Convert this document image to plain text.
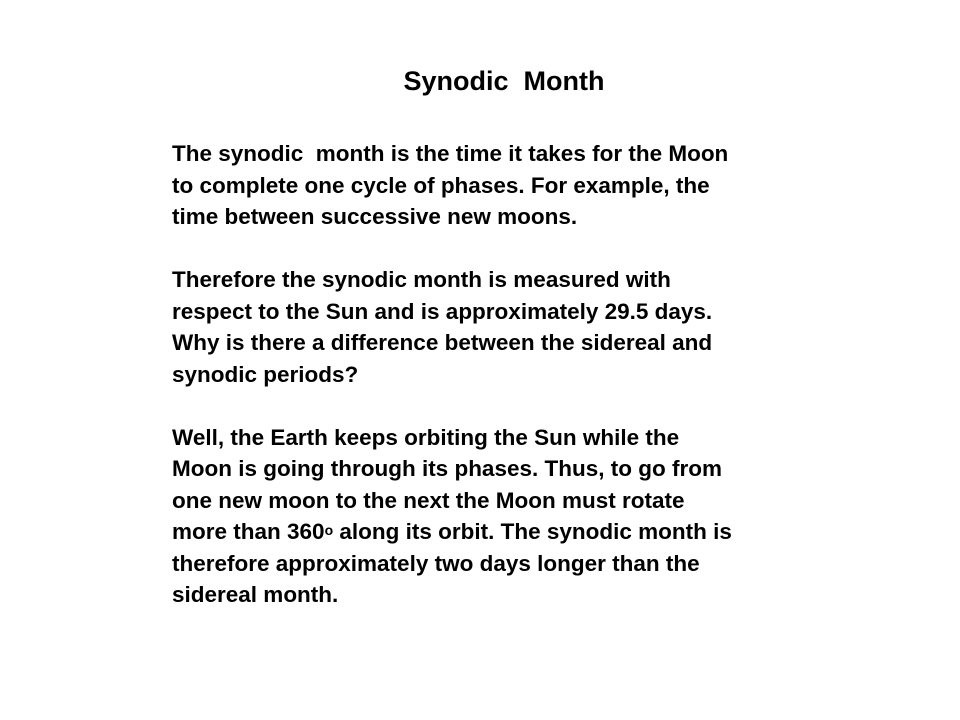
Synodic  Month
The synodic  month is the time it takes for the Moon
to complete one cycle of phases. For example, the
time between successive new moons.
Therefore the synodic month is measured with
respect to the Sun and is approximately 29.5 days.
Why is there a difference between the sidereal and
synodic periods?
Well, the Earth keeps orbiting the Sun while the
Moon is going through its phases. Thus, to go from
one new moon to the next the Moon must rotate
more than 360$^o$ along its orbit. The synodic month is
therefore approximately two days longer than the
sidereal month.
